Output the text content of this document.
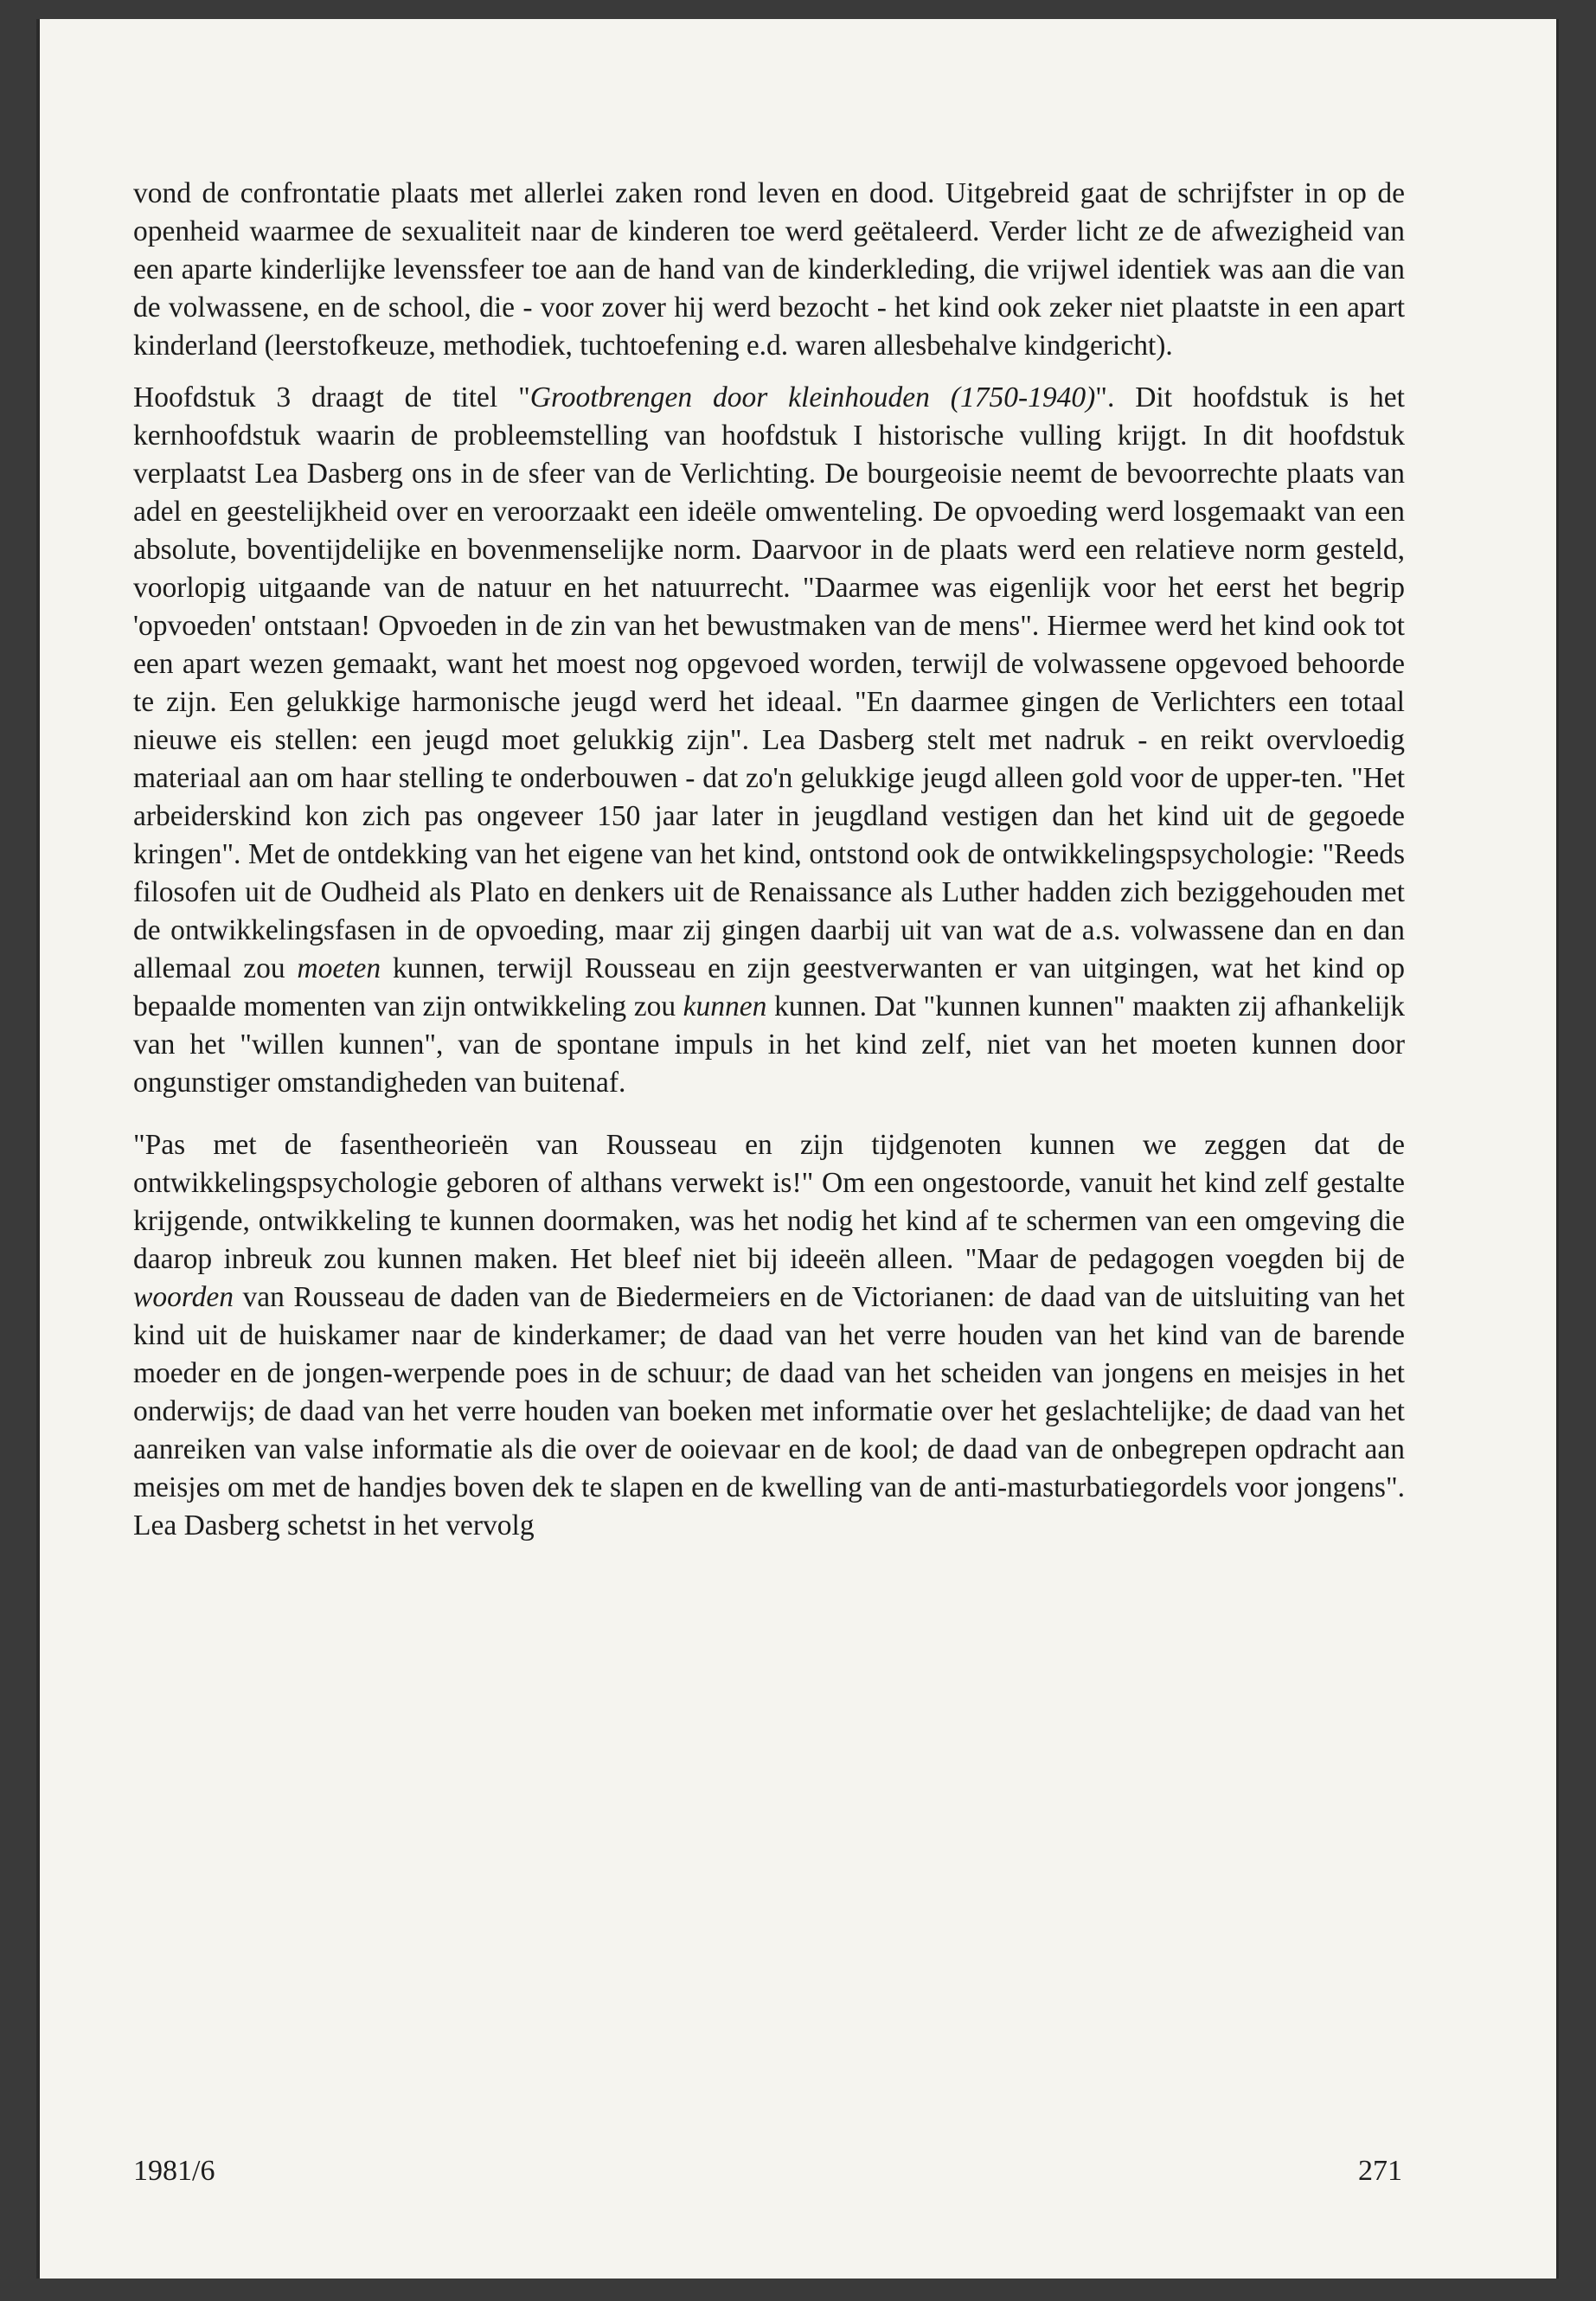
vond de confrontatie plaats met allerlei zaken rond leven en dood. Uitgebreid gaat de schrijfster in op de openheid waarmee de sexualiteit naar de kinderen toe werd geëtaleerd. Verder licht ze de afwezigheid van een aparte kinderlijke levenssfeer toe aan de hand van de kinderkleding, die vrijwel identiek was aan die van de volwassene, en de school, die - voor zover hij werd bezocht - het kind ook zeker niet plaatste in een apart kinderland (leerstofkeuze, methodiek, tuchtoefening e.d. waren allesbehalve kindgericht).

Hoofdstuk 3 draagt de titel "Grootbrengen door kleinhouden (1750-1940)". Dit hoofdstuk is het kernhoofdstuk waarin de probleemstelling van hoofdstuk I historische vulling krijgt. In dit hoofdstuk verplaatst Lea Dasberg ons in de sfeer van de Verlichting. De bourgeoisie neemt de bevoorrechte plaats van adel en geestelijkheid over en veroorzaakt een ideële omwenteling. De opvoeding werd losgemaakt van een absolute, boventijdelijke en bovenmenselijke norm. Daarvoor in de plaats werd een relatieve norm gesteld, voorlopig uitgaande van de natuur en het natuurrecht. "Daarmee was eigenlijk voor het eerst het begrip 'opvoeden' ontstaan! Opvoeden in de zin van het bewustmaken van de mens". Hiermee werd het kind ook tot een apart wezen gemaakt, want het moest nog opgevoed worden, terwijl de volwassene opgevoed behoorde te zijn. Een gelukkige harmonische jeugd werd het ideaal. "En daarmee gingen de Verlichters een totaal nieuwe eis stellen: een jeugd moet gelukkig zijn". Lea Dasberg stelt met nadruk - en reikt overvloedig materiaal aan om haar stelling te onderbouwen - dat zo'n gelukkige jeugd alleen gold voor de upper-ten. "Het arbeiderskind kon zich pas ongeveer 150 jaar later in jeugdland vestigen dan het kind uit de gegoede kringen". Met de ontdekking van het eigene van het kind, ontstond ook de ontwikkelingspsychologie: "Reeds filosofen uit de Oudheid als Plato en denkers uit de Renaissance als Luther hadden zich beziggehouden met de ontwikkelingsfasen in de opvoeding, maar zij gingen daarbij uit van wat de a.s. volwassene dan en dan allemaal zou moeten kunnen, terwijl Rousseau en zijn geestverwanten er van uitgingen, wat het kind op bepaalde momenten van zijn ontwikkeling zou kunnen kunnen. Dat "kunnen kunnen" maakten zij afhankelijk van het "willen kunnen", van de spontane impuls in het kind zelf, niet van het moeten kunnen door ongunstiger omstandigheden van buitenaf.

"Pas met de fasentheorieën van Rousseau en zijn tijdgenoten kunnen we zeggen dat de ontwikkelingspsychologie geboren of althans verwekt is!" Om een ongestoorde, vanuit het kind zelf gestalte krijgende, ontwikkeling te kunnen doormaken, was het nodig het kind af te schermen van een omgeving die daarop inbreuk zou kunnen maken. Het bleef niet bij ideeën alleen. "Maar de pedagogen voegden bij de woorden van Rousseau de daden van de Biedermeiers en de Victorianen: de daad van de uitsluiting van het kind uit de huiskamer naar de kinderkamer; de daad van het verre houden van het kind van de barende moeder en de jongen-werpende poes in de schuur; de daad van het scheiden van jongens en meisjes in het onderwijs; de daad van het verre houden van boeken met informatie over het geslachtelijke; de daad van het aanreiken van valse informatie als die over de ooievaar en de kool; de daad van de onbegrepen opdracht aan meisjes om met de handjes boven dek te slapen en de kwelling van de anti-masturbatiegordels voor jongens". Lea Dasberg schetst in het vervolg

1981/6	271
